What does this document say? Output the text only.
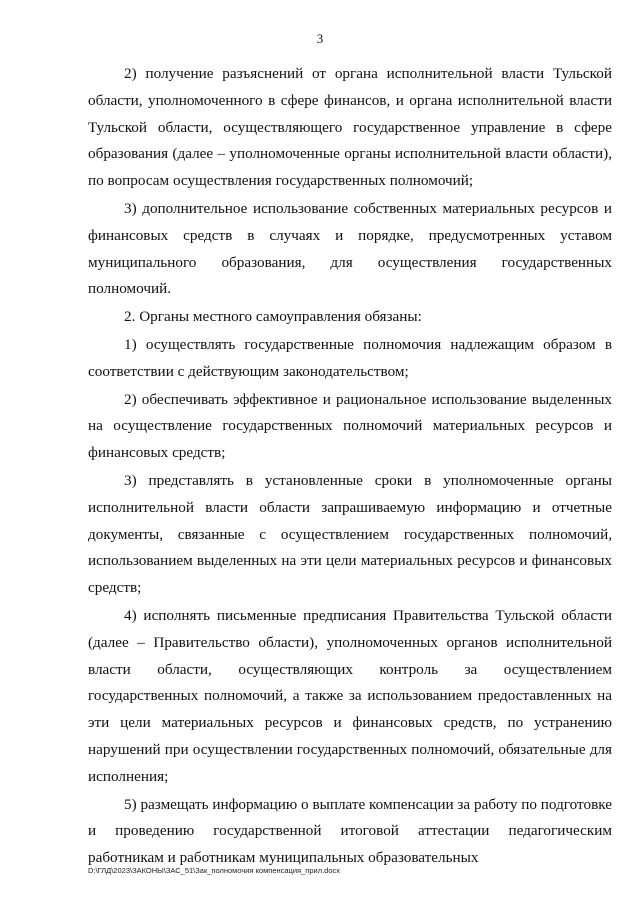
3

2) получение разъяснений от органа исполнительной власти Тульской области, уполномоченного в сфере финансов, и органа исполнительной власти Тульской области, осуществляющего государственное управление в сфере образования (далее – уполномоченные органы исполнительной власти области), по вопросам осуществления государственных полномочий;

3) дополнительное использование собственных материальных ресурсов и финансовых средств в случаях и порядке, предусмотренных уставом муниципального образования, для осуществления государственных полномочий.

2. Органы местного самоуправления обязаны:

1) осуществлять государственные полномочия надлежащим образом в соответствии с действующим законодательством;

2) обеспечивать эффективное и рациональное использование выделенных на осуществление государственных полномочий материальных ресурсов и финансовых средств;

3) представлять в установленные сроки в уполномоченные органы исполнительной власти области запрашиваемую информацию и отчетные документы, связанные с осуществлением государственных полномочий, использованием выделенных на эти цели материальных ресурсов и финансовых средств;

4) исполнять письменные предписания Правительства Тульской области (далее – Правительство области), уполномоченных органов исполнительной власти области, осуществляющих контроль за осуществлением государственных полномочий, а также за использованием предоставленных на эти цели материальных ресурсов и финансовых средств, по устранению нарушений при осуществлении государственных полномочий, обязательные для исполнения;

5) размещать информацию о выплате компенсации за работу по подготовке и проведению государственной итоговой аттестации педагогическим работникам и работникам муниципальных образовательных

D:\ГЛД\2023\ЗАКОНЫ\ЗАС_51\Зак_полномочия компенсация_прил.docx
